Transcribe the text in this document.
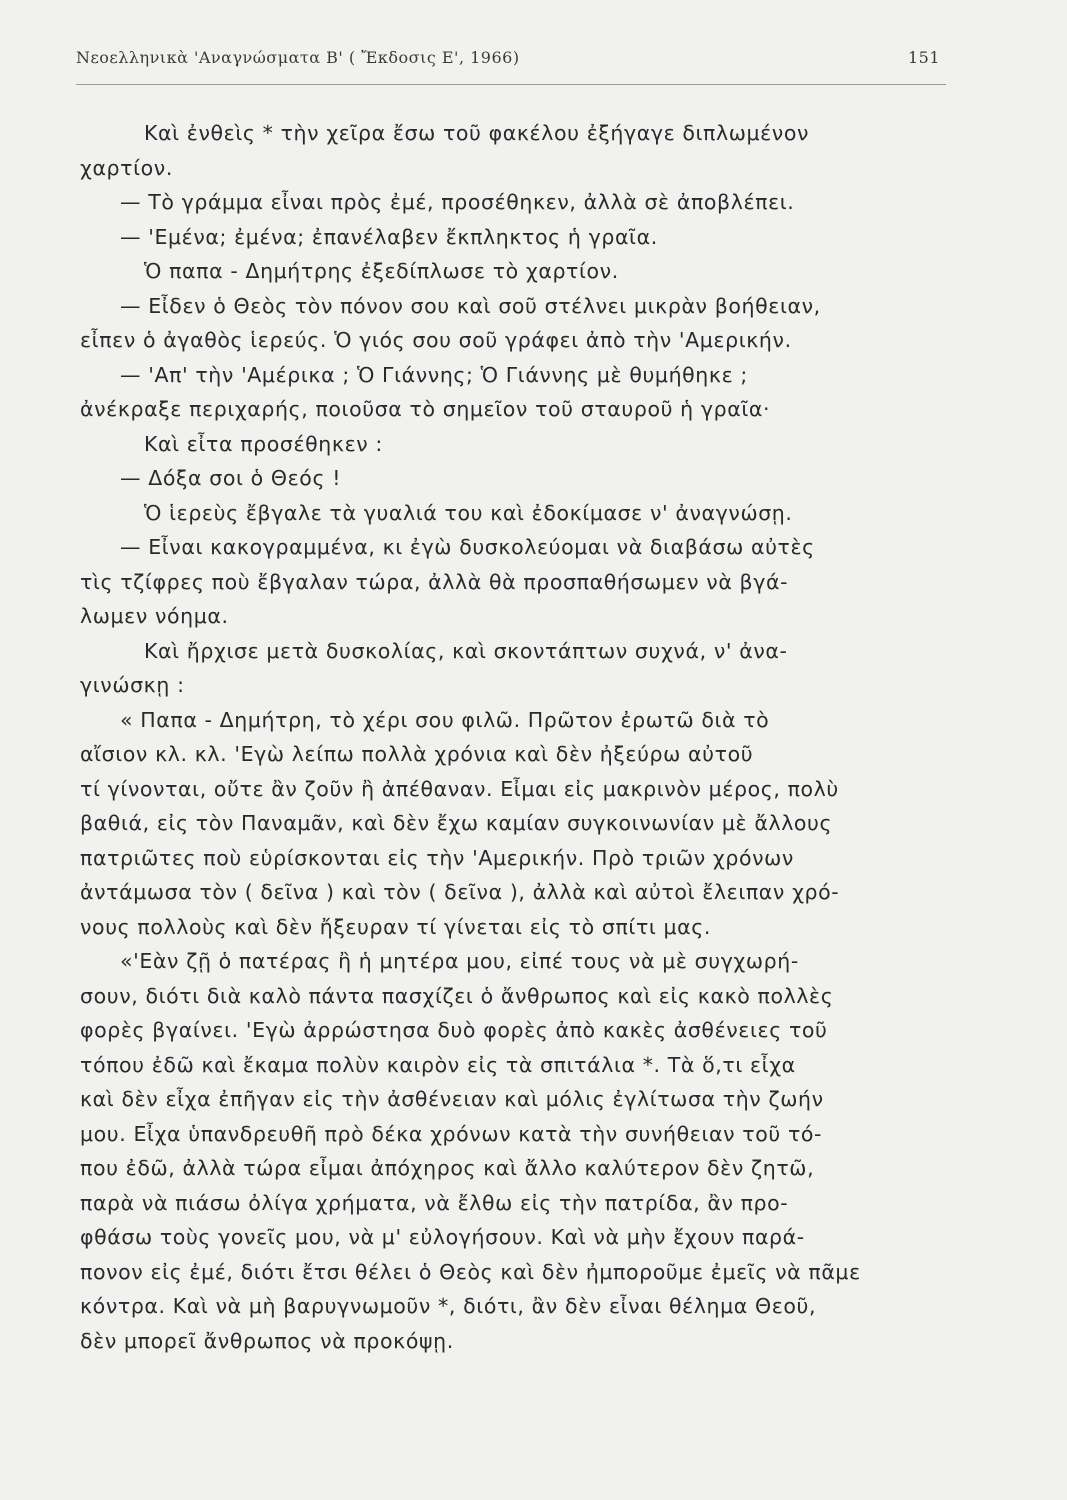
Νεοελληνικὰ 'Αναγνώσματα Β' ( Ἔκδοσις Ε', 1966)	151
Καὶ ἐνθεὶς * τὴν χεῖρα ἔσω τοῦ φακέλου ἐξήγαγε διπλωμένον
χαρτίον.
— Τὸ γράμμα εἶναι πρὸς ἐμέ, προσέθηκεν, ἀλλὰ σὲ ἀποβλέπει.
— 'Εμένα; ἐμένα; ἐπανέλαβεν ἔκπληκτος ἡ γραῖα.
Ὁ παπα - Δημήτρης ἐξεδίπλωσε τὸ χαρτίον.
— Εἶδεν ὁ Θεὸς τὸν πόνον σου καὶ σοῦ στέλνει μικρὰν βοήθειαν,
εἶπεν ὁ ἀγαθὸς ἱερεύς. Ὁ γιός σου σοῦ γράφει ἀπὸ τὴν 'Αμερικήν.
— 'Απ' τὴν 'Αμέρικα ; Ὁ Γιάννης; Ὁ Γιάννης μὲ θυμήθηκε ;
ἀνέκραξε περιχαρής, ποιοῦσα τὸ σημεῖον τοῦ σταυροῦ ἡ γραῖα·
Καὶ εἶτα προσέθηκεν :
— Δόξα σοι ὁ Θεός !
Ὁ ἱερεὺς ἔβγαλε τὰ γυαλιά του καὶ ἐδοκίμασε ν' ἀναγνώσῃ.
— Εἶναι κακογραμμένα, κι ἐγὼ δυσκολεύομαι νὰ διαβάσω αὐτὲς
τὶς τζίφρες ποὺ ἔβγαλαν τώρα, ἀλλὰ θὰ προσπαθήσωμεν νὰ βγά-
λωμεν νόημα.
Καὶ ἤρχισε μετὰ δυσκολίας, καὶ σκοντάπτων συχνά, ν' ἀνα-
γινώσκῃ :
« Παπα - Δημήτρη, τὸ χέρι σου φιλῶ. Πρῶτον ἐρωτῶ διὰ τὸ
αἴσιον κλ. κλ. 'Εγὼ λείπω πολλὰ χρόνια καὶ δὲν ἠξεύρω αὐτοῦ
τί γίνονται, οὔτε ἂν ζοῦν ἢ ἀπέθαναν. Εἶμαι εἰς μακρινὸν μέρος, πολὺ
βαθιά, εἰς τὸν Παναμᾶν, καὶ δὲν ἔχω καμίαν συγκοινωνίαν μὲ ἄλλους
πατριῶτες ποὺ εὑρίσκονται εἰς τὴν 'Αμερικήν. Πρὸ τριῶν χρόνων
ἀντάμωσα τὸν ( δεῖνα ) καὶ τὸν ( δεῖνα ), ἀλλὰ καὶ αὐτοὶ ἔλειπαν χρό-
νους πολλοὺς καὶ δὲν ἤξευραν τί γίνεται εἰς τὸ σπίτι μας.
«'Εὰν ζῇ ὁ πατέρας ἢ ἡ μητέρα μου, εἰπέ τους νὰ μὲ συγχωρή-
σουν, διότι διὰ καλὸ πάντα πασχίζει ὁ ἄνθρωπος καὶ εἰς κακὸ πολλὲς
φορὲς βγαίνει. 'Εγὼ ἀρρώστησα δυὸ φορὲς ἀπὸ κακὲς ἀσθένειες τοῦ
τόπου ἐδῶ καὶ ἔκαμα πολὺν καιρὸν εἰς τὰ σπιτάλια *. Τὰ ὅ,τι εἶχα
καὶ δὲν εἶχα ἐπῆγαν εἰς τὴν ἀσθένειαν καὶ μόλις ἐγλίτωσα τὴν ζωήν
μου. Εἶχα ὑπανδρευθῆ πρὸ δέκα χρόνων κατὰ τὴν συνήθειαν τοῦ τό-
που ἐδῶ, ἀλλὰ τώρα εἶμαι ἀπόχηρος καὶ ἄλλο καλύτερον δὲν ζητῶ,
παρὰ νὰ πιάσω ὀλίγα χρήματα, νὰ ἔλθω εἰς τὴν πατρίδα, ἂν προ-
φθάσω τοὺς γονεῖς μου, νὰ μ' εὐλογήσουν. Καὶ νὰ μὴν ἔχουν παρά-
πονον εἰς ἐμέ, διότι ἔτσι θέλει ὁ Θεὸς καὶ δὲν ἠμποροῦμε ἐμεῖς νὰ πᾶμε
κόντρα. Καὶ νὰ μὴ βαρυγνωμοῦν *, διότι, ἂν δὲν εἶναι θέλημα Θεοῦ,
δὲν μπορεῖ ἄνθρωπος νὰ προκόψῃ.
